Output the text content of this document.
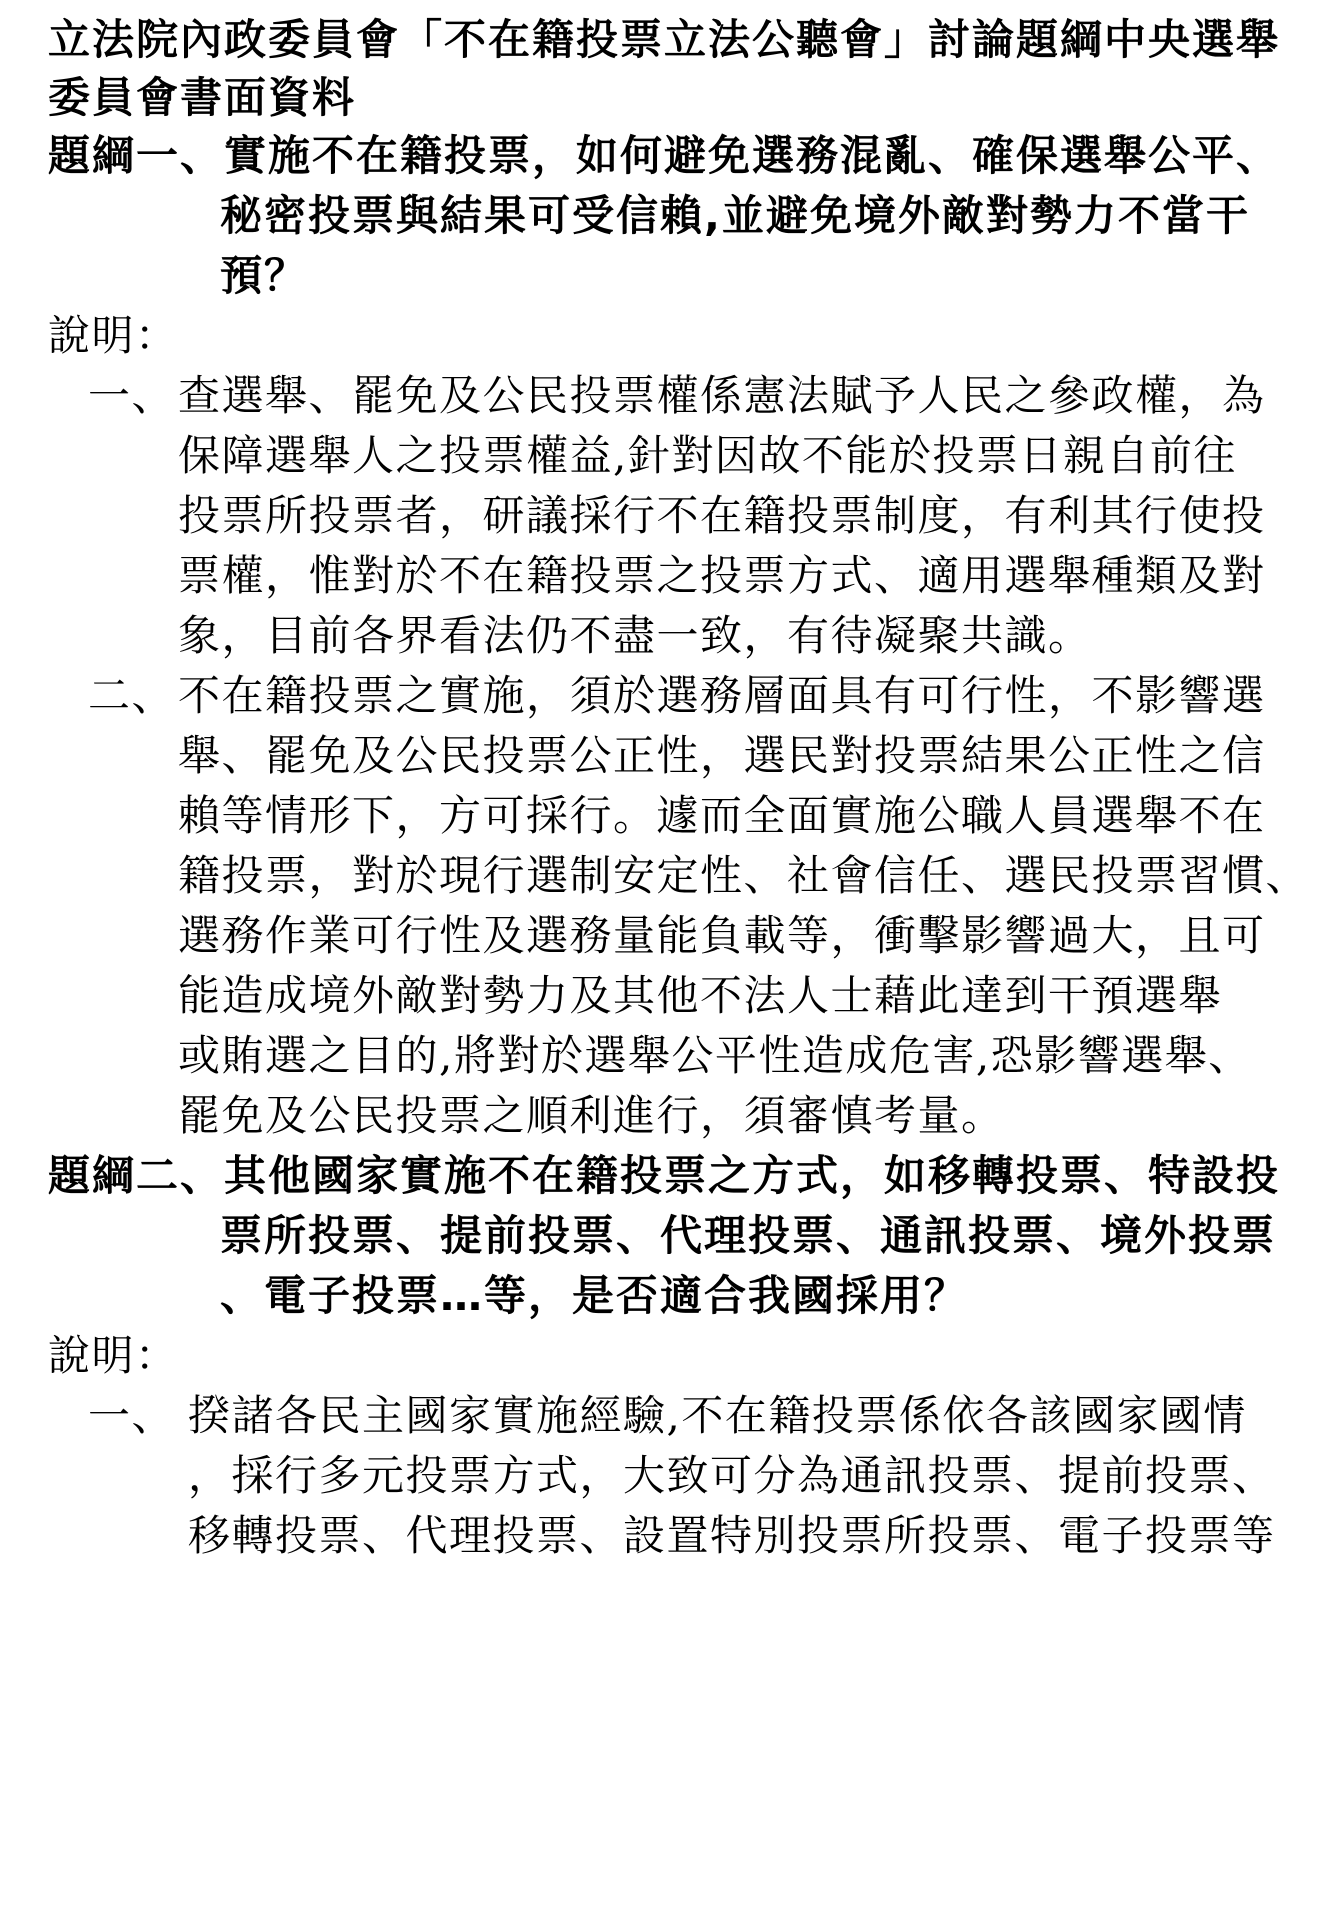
立法院內政委員會「不在籍投票立法公聽會」討論題綱中央選舉
委員會書面資料
題綱一、實施不在籍投票，如何避免選務混亂、確保選舉公平、
秘密投票與結果可受信賴,並避免境外敵對勢力不當干
預？
說明：
一、 查選舉、罷免及公民投票權係憲法賦予人民之參政權，為
保障選舉人之投票權益,針對因故不能於投票日親自前往
投票所投票者，研議採行不在籍投票制度，有利其行使投
票權，惟對於不在籍投票之投票方式、適用選舉種類及對
象，目前各界看法仍不盡一致，有待凝聚共識。
二、 不在籍投票之實施，須於選務層面具有可行性，不影響選
舉、罷免及公民投票公正性，選民對投票結果公正性之信
賴等情形下，方可採行。遽而全面實施公職人員選舉不在
籍投票，對於現行選制安定性、社會信任、選民投票習慣、
選務作業可行性及選務量能負載等，衝擊影響過大，且可
能造成境外敵對勢力及其他不法人士藉此達到干預選舉
或賄選之目的,將對於選舉公平性造成危害,恐影響選舉、
罷免及公民投票之順利進行，須審慎考量。
題綱二、其他國家實施不在籍投票之方式，如移轉投票、特設投
票所投票、提前投票、代理投票、通訊投票、境外投票
、電子投票…等，是否適合我國採用？
說明：
一、 揆諸各民主國家實施經驗,不在籍投票係依各該國家國情
，採行多元投票方式，大致可分為通訊投票、提前投票、
移轉投票、代理投票、設置特別投票所投票、電子投票等
